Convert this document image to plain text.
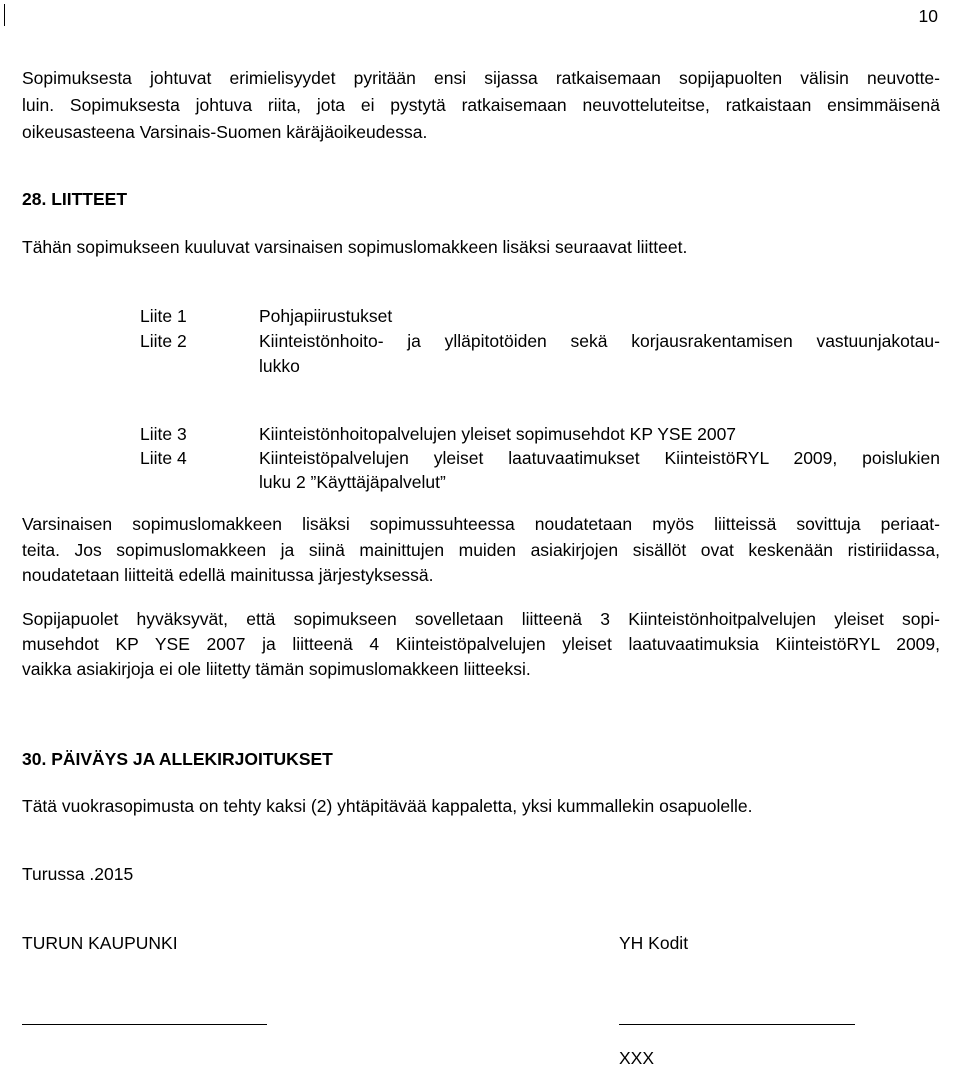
10
Sopimuksesta johtuvat erimielisyydet pyritään ensi sijassa ratkaisemaan sopijapuolten välisin neuvotte-
luin. Sopimuksesta johtuva riita, jota ei pystytä ratkaisemaan neuvotteluteitse, ratkaistaan ensimmäisenä
oikeusasteena Varsinais-Suomen käräjäoikeudessa.
28. LIITTEET
Tähän sopimukseen kuuluvat varsinaisen sopimuslomakkeen lisäksi seuraavat liitteet.
Liite 1	Pohjapiirustukset
Liite 2	Kiinteistönhoito- ja ylläpitotöiden sekä korjausrakentamisen vastuunjakotau-
lukko
Liite 3	Kiinteistönhoitopalvelujen yleiset sopimusehdot KP YSE 2007
Liite 4	Kiinteistöpalvelujen yleiset laatuvaatimukset KiinteistöRYL 2009, poislukien
luku 2 ”Käyttäjäpalvelut”
Varsinaisen sopimuslomakkeen lisäksi sopimussuhteessa noudatetaan myös liitteissä sovittuja periaat-
teita. Jos sopimuslomakkeen ja siinä mainittujen muiden asiakirjojen sisällöt ovat keskenään ristiriidassa,
noudatetaan liitteitä edellä mainitussa järjestyksessä.
Sopijapuolet hyväksyvät, että sopimukseen sovelletaan liitteenä 3 Kiinteistönhoitpalvelujen yleiset sopi-
musehdot KP YSE 2007 ja liitteenä 4 Kiinteistöpalvelujen yleiset laatuvaatimuksia KiinteistöRYL 2009,
vaikka asiakirjoja ei ole liitetty tämän sopimuslomakkeen liitteeksi.
30. PÄIVÄYS JA ALLEKIRJOITUKSET
Tätä vuokrasopimusta on tehty kaksi (2) yhtäpitävää kappaletta, yksi kummallekin osapuolelle.
Turussa .2015
TURUN KAUPUNKI	YH Kodit
XXX
